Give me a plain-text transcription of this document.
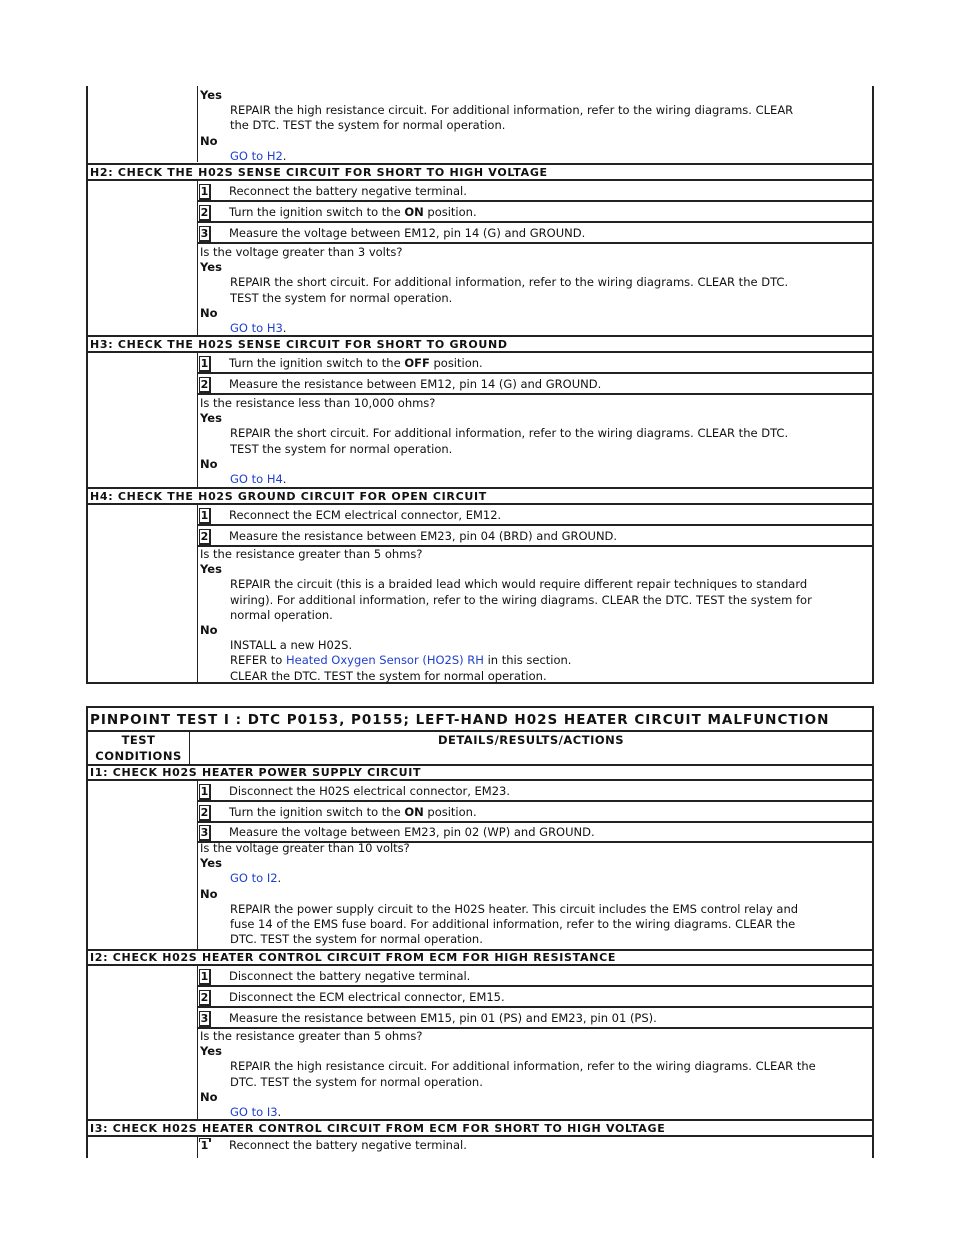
Yes
REPAIR the high resistance circuit. For additional information, refer to the wiring diagrams. CLEAR
the DTC. TEST the system for normal operation.
No
GO to H2.
H2: CHECK THE H02S SENSE CIRCUIT FOR SHORT TO HIGH VOLTAGE
1 Reconnect the battery negative terminal.
2 Turn the ignition switch to the ON position.
3 Measure the voltage between EM12, pin 14 (G) and GROUND.
Is the voltage greater than 3 volts?
Yes
REPAIR the short circuit. For additional information, refer to the wiring diagrams. CLEAR the DTC.
TEST the system for normal operation.
No
GO to H3.
H3: CHECK THE H02S SENSE CIRCUIT FOR SHORT TO GROUND
1 Turn the ignition switch to the OFF position.
2 Measure the resistance between EM12, pin 14 (G) and GROUND.
Is the resistance less than 10,000 ohms?
Yes
REPAIR the short circuit. For additional information, refer to the wiring diagrams. CLEAR the DTC.
TEST the system for normal operation.
No
GO to H4.
H4: CHECK THE H02S GROUND CIRCUIT FOR OPEN CIRCUIT
1 Reconnect the ECM electrical connector, EM12.
2 Measure the resistance between EM23, pin 04 (BRD) and GROUND.
Is the resistance greater than 5 ohms?
Yes
REPAIR the circuit (this is a braided lead which would require different repair techniques to standard
wiring). For additional information, refer to the wiring diagrams. CLEAR the DTC. TEST the system for
normal operation.
No
INSTALL a new H02S.
REFER to Heated Oxygen Sensor (HO2S) RH in this section.
CLEAR the DTC. TEST the system for normal operation.
PINPOINT TEST I : DTC P0153, P0155; LEFT-HAND H02S HEATER CIRCUIT MALFUNCTION
TEST
CONDITIONS
DETAILS/RESULTS/ACTIONS
I1: CHECK H02S HEATER POWER SUPPLY CIRCUIT
1 Disconnect the H02S electrical connector, EM23.
2 Turn the ignition switch to the ON position.
3 Measure the voltage between EM23, pin 02 (WP) and GROUND.
Is the voltage greater than 10 volts?
Yes
GO to I2.
No
REPAIR the power supply circuit to the H02S heater. This circuit includes the EMS control relay and
fuse 14 of the EMS fuse board. For additional information, refer to the wiring diagrams. CLEAR the
DTC. TEST the system for normal operation.
I2: CHECK H02S HEATER CONTROL CIRCUIT FROM ECM FOR HIGH RESISTANCE
1 Disconnect the battery negative terminal.
2 Disconnect the ECM electrical connector, EM15.
3 Measure the resistance between EM15, pin 01 (PS) and EM23, pin 01 (PS).
Is the resistance greater than 5 ohms?
Yes
REPAIR the high resistance circuit. For additional information, refer to the wiring diagrams. CLEAR the
DTC. TEST the system for normal operation.
No
GO to I3.
I3: CHECK H02S HEATER CONTROL CIRCUIT FROM ECM FOR SHORT TO HIGH VOLTAGE
1 Reconnect the battery negative terminal.
